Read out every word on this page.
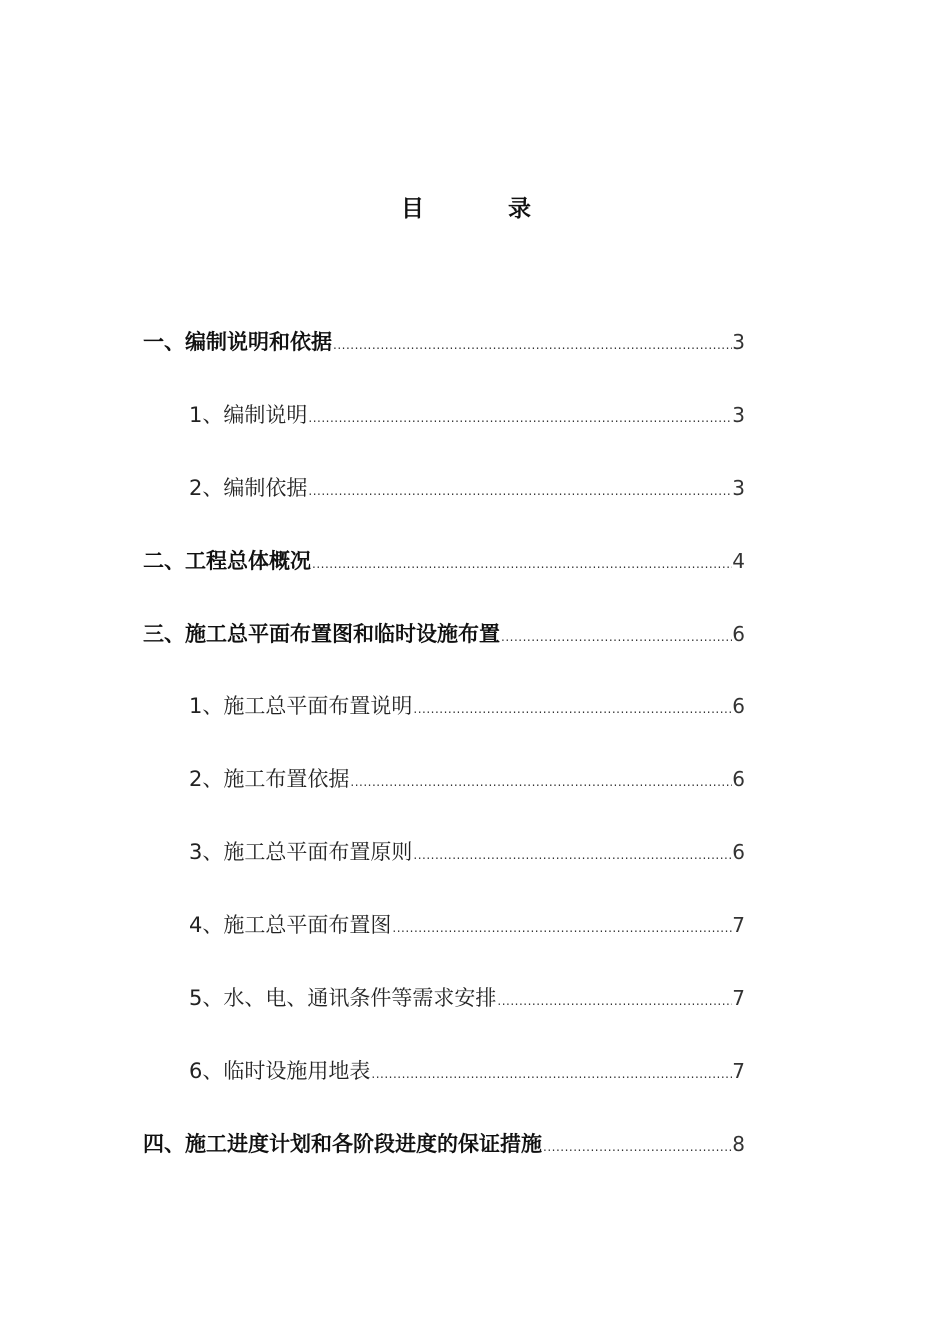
目 录
一、编制说明和依据 .....	3
1、编制说明 .....	3
2、编制依据 .....	3
二、工程总体概况 .....	4
三、施工总平面布置图和临时设施布置 .....	6
1、施工总平面布置说明 .....	6
2、施工布置依据 .....	6
3、施工总平面布置原则 .....	6
4、施工总平面布置图 .....	7
5、水、电、通讯条件等需求安排 .....	7
6、临时设施用地表 .....	7
四、施工进度计划和各阶段进度的保证措施 .....	8
